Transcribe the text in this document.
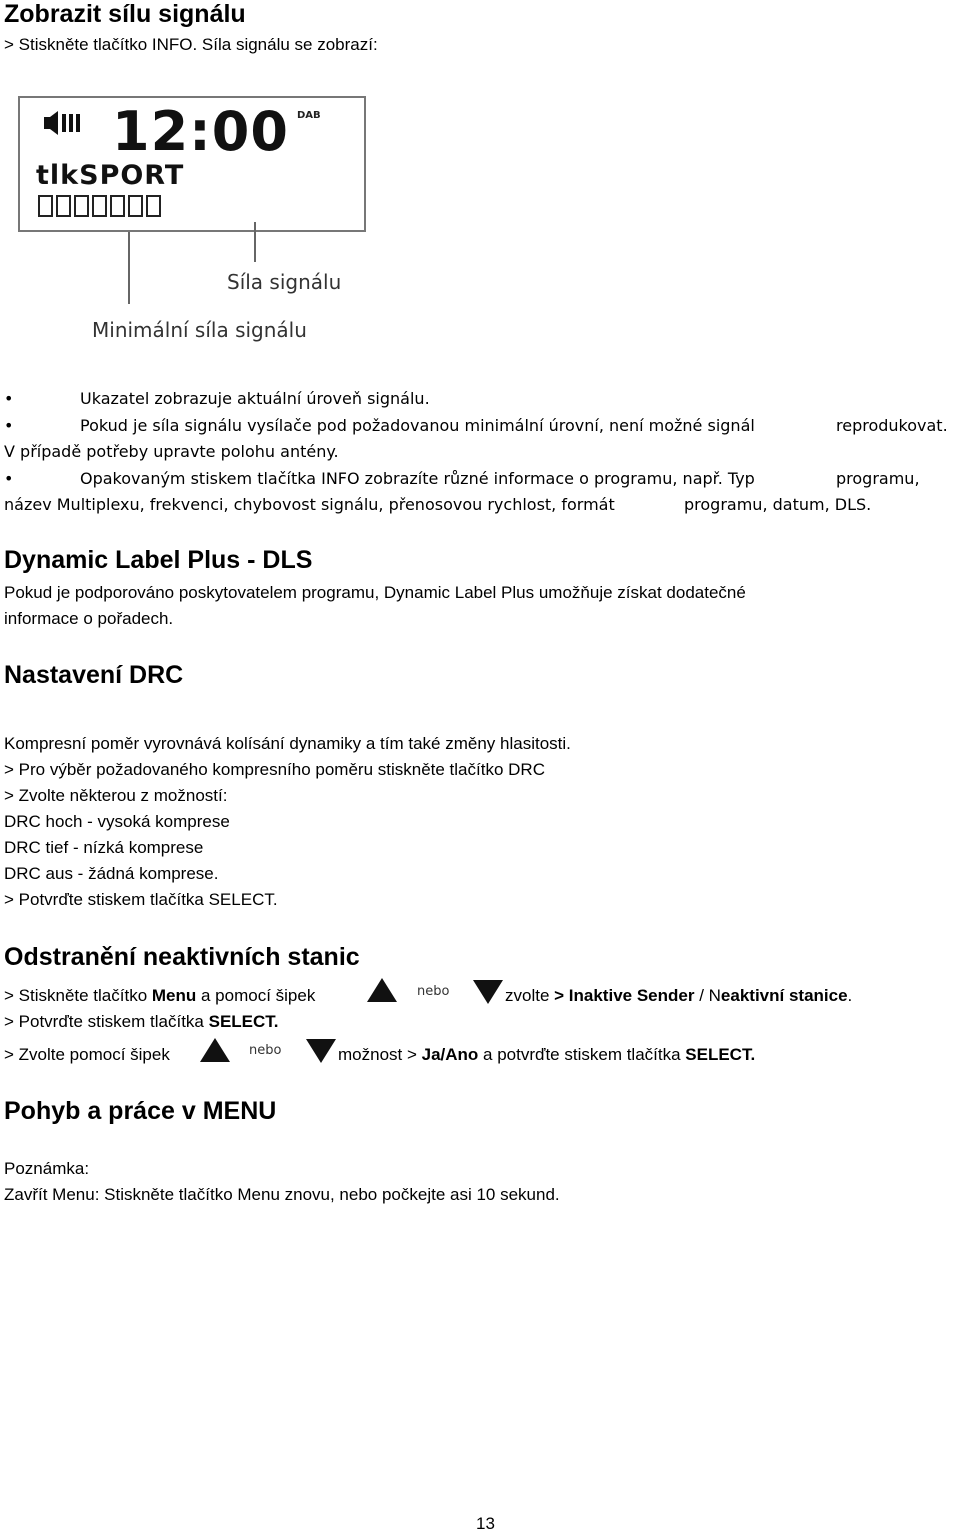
Zobrazit sílu signálu
> Stiskněte tlačítko INFO. Síla signálu se zobrazí:
12:00 DAB
tlkSPORT
Síla signálu
Minimální síla signálu
•	Ukazatel zobrazuje aktuální úroveň signálu.
•	Pokud je síla signálu vysílače pod požadovanou minimální úrovní, není možné signál	reprodukovat.
V případě potřeby upravte polohu antény.
•	Opakovaným stiskem tlačítka INFO zobrazíte různé informace o programu, např. Typ	programu,
název Multiplexu, frekvenci, chybovost signálu, přenosovou rychlost, formát	programu, datum, DLS.
Dynamic Label Plus - DLS
Pokud je podporováno poskytovatelem programu, Dynamic Label Plus umožňuje získat dodatečné
informace o pořadech.
Nastavení DRC
Kompresní poměr vyrovnává kolísání dynamiky a tím také změny hlasitosti.
> Pro výběr požadovaného kompresního poměru stiskněte tlačítko DRC
> Zvolte některou z možností:
DRC hoch - vysoká komprese
DRC tief - nízká komprese
DRC aus - žádná komprese.
> Potvrďte stiskem tlačítka SELECT.
Odstranění neaktivních stanic
> Stiskněte tlačítko Menu a pomocí šipek	nebo	zvolte > Inaktive Sender / Neaktivní stanice.
> Potvrďte stiskem tlačítka SELECT.
> Zvolte pomocí šipek	nebo	možnost > Ja/Ano a potvrďte stiskem tlačítka SELECT.
Pohyb a práce v MENU
Poznámka:
Zavřít Menu: Stiskněte tlačítko Menu znovu, nebo počkejte asi 10 sekund.
13
